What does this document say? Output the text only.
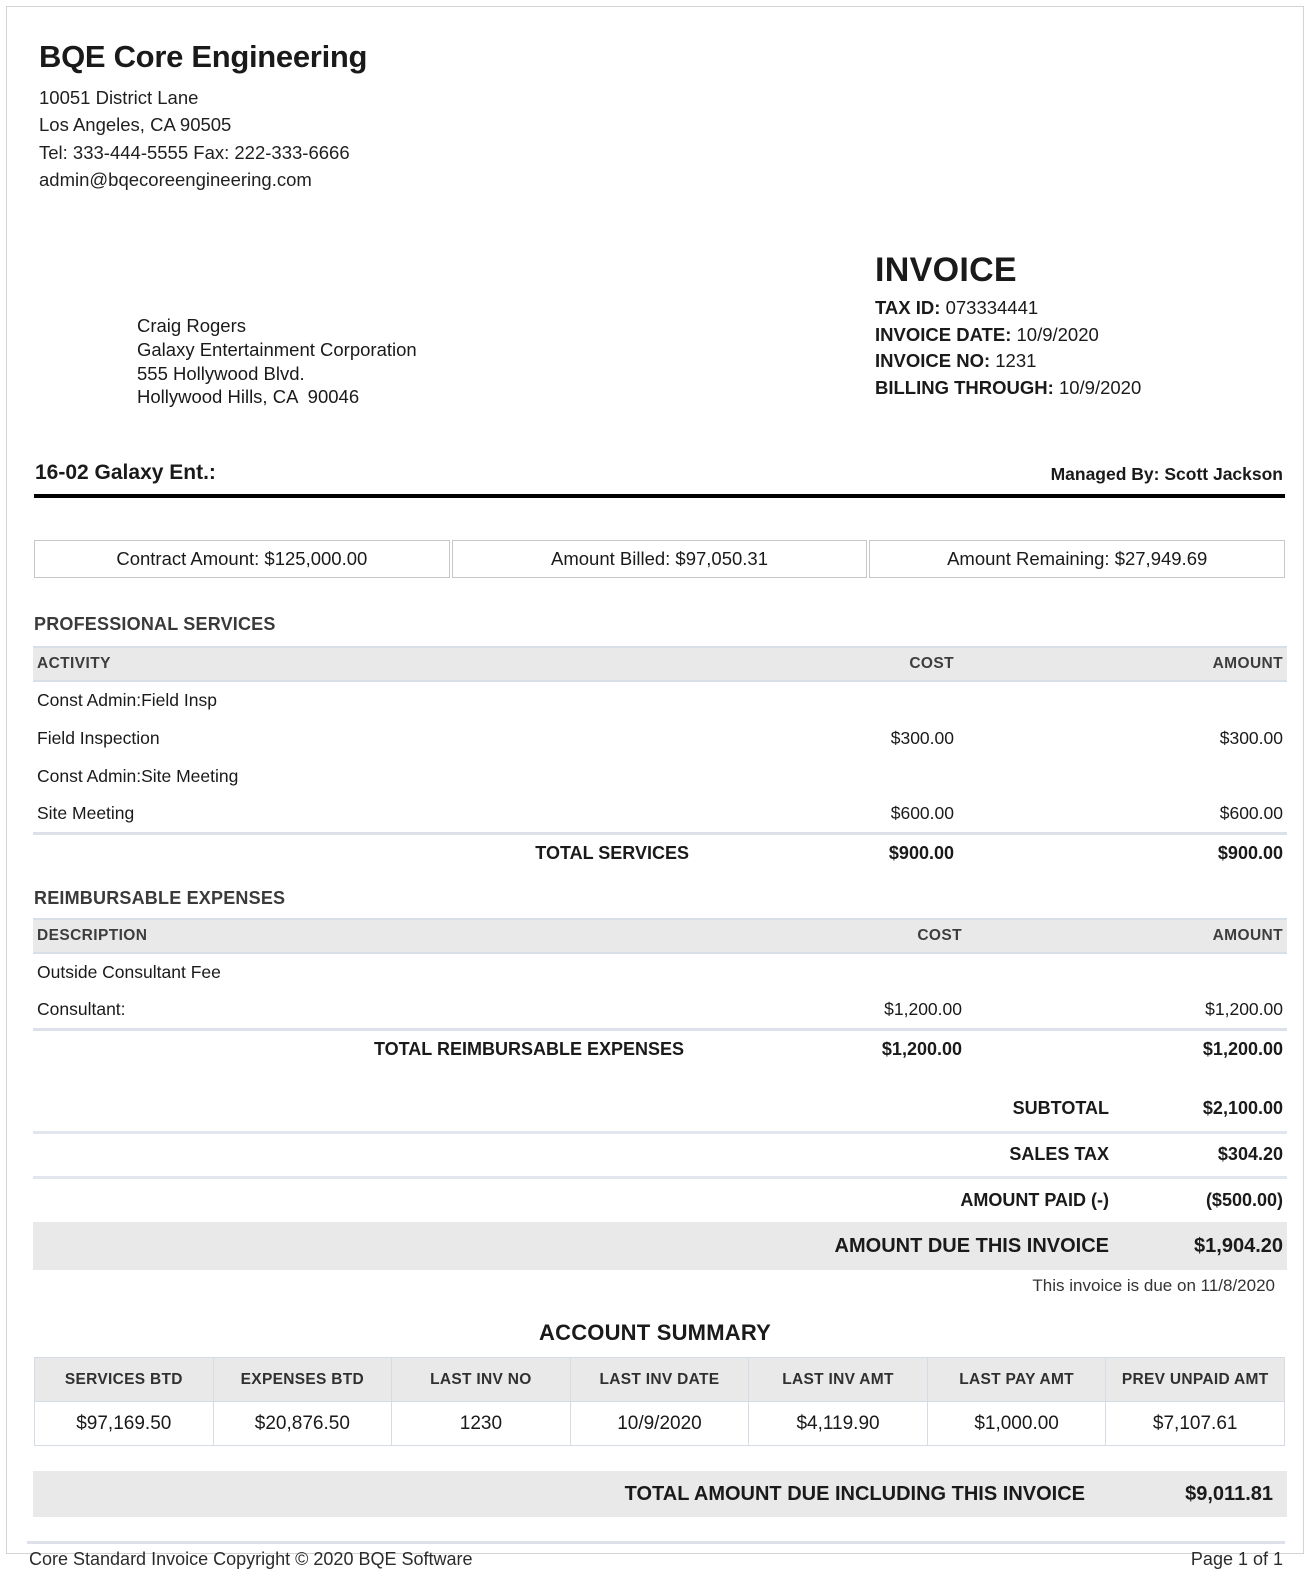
BQE Core Engineering
10051 District Lane
Los Angeles, CA 90505
Tel: 333-444-5555 Fax: 222-333-6666
admin@bqecoreengineering.com
INVOICE
TAX ID: 073334441
INVOICE DATE: 10/9/2020
INVOICE NO: 1231
BILLING THROUGH: 10/9/2020
Craig Rogers
Galaxy Entertainment Corporation
555 Hollywood Blvd.
Hollywood Hills, CA  90046
16-02 Galaxy Ent.:	Managed By: Scott Jackson
Contract Amount: $125,000.00	Amount Billed: $97,050.31	Amount Remaining: $27,949.69
PROFESSIONAL SERVICES
ACTIVITY	COST	AMOUNT
Const Admin:Field Insp		
Field Inspection	$300.00	$300.00
Const Admin:Site Meeting		
Site Meeting	$600.00	$600.00
TOTAL SERVICES	$900.00	$900.00
REIMBURSABLE EXPENSES
DESCRIPTION	COST	AMOUNT
Outside Consultant Fee		
Consultant:	$1,200.00	$1,200.00
TOTAL REIMBURSABLE EXPENSES	$1,200.00	$1,200.00
SUBTOTAL	$2,100.00
SALES TAX	$304.20
AMOUNT PAID (-)	($500.00)
AMOUNT DUE THIS INVOICE	$1,904.20
This invoice is due on 11/8/2020
ACCOUNT SUMMARY
SERVICES BTD	EXPENSES BTD	LAST INV NO	LAST INV DATE	LAST INV AMT	LAST PAY AMT	PREV UNPAID AMT
$97,169.50	$20,876.50	1230	10/9/2020	$4,119.90	$1,000.00	$7,107.61
TOTAL AMOUNT DUE INCLUDING THIS INVOICE	$9,011.81
Core Standard Invoice Copyright © 2020 BQE Software	Page 1 of 1
